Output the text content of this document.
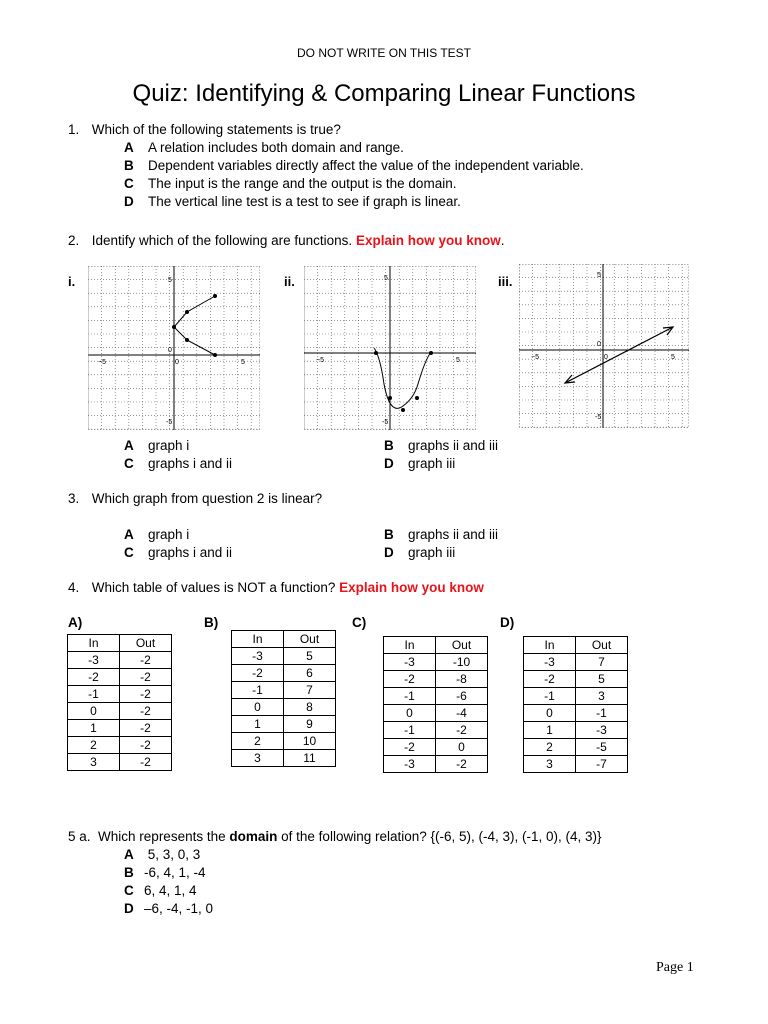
DO NOT WRITE ON THIS TEST
Quiz: Identifying & Comparing Linear Functions
1. Which of the following statements is true?
A A relation includes both domain and range.
B Dependent variables directly affect the value of the independent variable.
C The input is the range and the output is the domain.
D The vertical line test is a test to see if graph is linear.
2. Identify which of the following are functions. Explain how you know.
i.	ii.	iii.
5
0
−5	5
0
-5
5
−5	5
-5
5
0
−5	5
0
-5
A graph i	B graphs ii and iii
C graphs i and ii	D graph iii
3. Which graph from question 2 is linear?
A graph i	B graphs ii and iii
C graphs i and ii	D graph iii
4. Which table of values is NOT a function? Explain how you know
A)	B)	C)	D)
In	Out
-3	-2
-2	-2
-1	-2
0	-2
1	-2
2	-2
3	-2
In	Out
-3	5
-2	6
-1	7
0	8
1	9
2	10
3	11
In	Out
-3	-10
-2	-8
-1	-6
0	-4
-1	-2
-2	0
-3	-2
In	Out
-3	7
-2	5
-1	3
0	-1
1	-3
2	-5
3	-7
5 a. Which represents the domain of the following relation? {(-6, 5), (-4, 3), (-1, 0), (4, 3)}
A 5, 3, 0, 3
B -6, 4, 1, -4
C 6, 4, 1, 4
D –6, -4, -1, 0
Page 1
